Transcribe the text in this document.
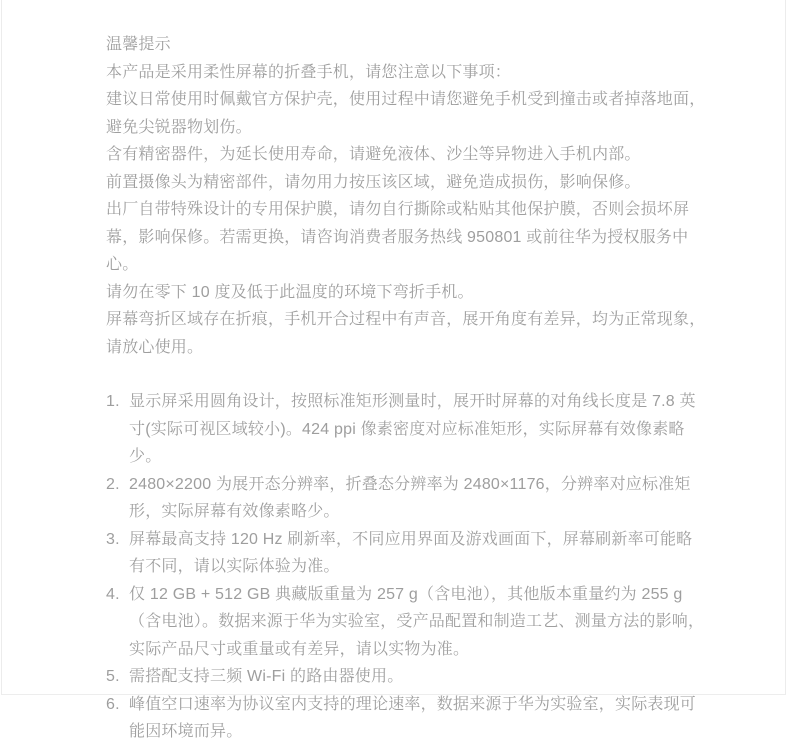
温馨提示

本产品是采用柔性屏幕的折叠手机，请您注意以下事项：

建议日常使用时佩戴官方保护壳，使用过程中请您避免手机受到撞击或者掉落地面，避免尖锐器物划伤。

含有精密器件，为延长使用寿命，请避免液体、沙尘等异物进入手机内部。

前置摄像头为精密部件，请勿用力按压该区域，避免造成损伤，影响保修。

出厂自带特殊设计的专用保护膜，请勿自行撕除或粘贴其他保护膜，否则会损坏屏幕，影响保修。若需更换，请咨询消费者服务热线 950801 或前往华为授权服务中心。

请勿在零下 10 度及低于此温度的环境下弯折手机。

屏幕弯折区域存在折痕，手机开合过程中有声音，展开角度有差异，均为正常现象，请放心使用。

1. 显示屏采用圆角设计，按照标准矩形测量时，展开时屏幕的对角线长度是 7.8 英寸(实际可视区域较小)。424 ppi 像素密度对应标准矩形，实际屏幕有效像素略少。
2. 2480×2200 为展开态分辨率，折叠态分辨率为 2480×1176，分辨率对应标准矩形，实际屏幕有效像素略少。
3. 屏幕最高支持 120 Hz 刷新率，不同应用界面及游戏画面下，屏幕刷新率可能略有不同，请以实际体验为准。
4. 仅 12 GB + 512 GB 典藏版重量为 257 g（含电池），其他版本重量约为 255 g（含电池）。数据来源于华为实验室，受产品配置和制造工艺、测量方法的影响，实际产品尺寸或重量或有差异，请以实物为准。
5. 需搭配支持三频 Wi-Fi 的路由器使用。
6. 峰值空口速率为协议室内支持的理论速率，数据来源于华为实验室，实际表现可能因环境而异。
